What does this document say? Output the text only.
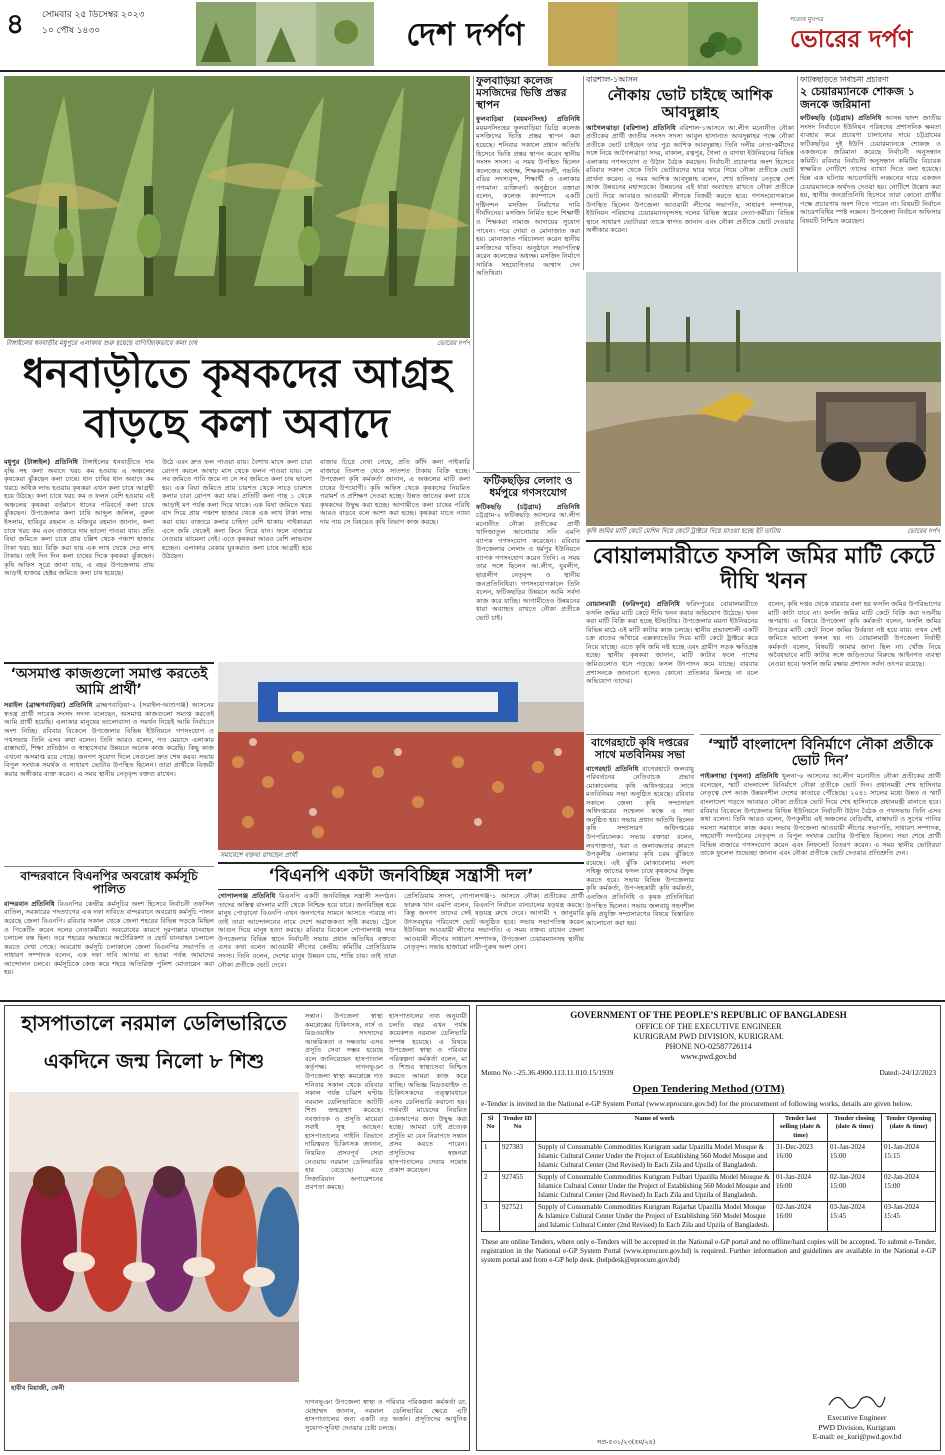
৪	সোমবার ২৫ ডিসেম্বর ২০২৩
১০ পৌষ ১৪৩০	দেশ দর্পণ	সত্যের মুখপত্র
ভোরের দর্পণ
টাঙ্গাইলের ধনবাড়ীর মধুপুরে এলাকায় শুরু হয়েছে বাণিজ্যিকভাবে কলা চাষ	ভোরের দর্পণ
ধনবাড়ীতে কৃষকদের আগ্রহ
বাড়ছে কলা অবাদে
মধুপুর (টাঙ্গাইল) প্রতিনিধি টাঙ্গাইলের ধনবাড়ীতে দাম বৃদ্ধি সহ কলা অবাদে খরচ কম হওয়ায় এ অঞ্চলের কৃষকেরা ঝুঁকছেন কলা চাষে। ধান চাষির ধান অবাদে কম খরচে অধিক লাভ হওয়ায় কৃষকরা এখন কলা চাষে আগ্রহী হয়ে উঠছে। কলা চাষে খরচ কম ও ফলন বেশি হওয়ায় এই অঞ্চলের কৃষকরা বর্তমানে ধানের পরিবর্তে কলা চাষে ঝুঁকছেন। উপজেলার কলা চাষি আব্দুল জলিল, নুরুল ইসলাম, হাবিবুর রহমান ও মজিবুর রহমান জানান, কলা চাষে খরচ কম এবং বাজারে দাম ভালো পাওয়া যায়। প্রতি বিঘা জমিতে কলা চাষে প্রায় চল্লিশ থেকে পঞ্চাশ হাজার টাকা খরচ হয়। বিক্রি করা যায় এক লাখ থেকে দেড় লাখ টাকায়। তাই দিন দিন কলা চাষের দিকে কৃষকরা ঝুঁকছেন। কৃষি অফিস সূত্রে জানা যায়, এ বছর উপজেলায় প্রায় আড়াই হাজার হেক্টর জমিতে কলা চাষ হয়েছে।
উঠে এবং দ্রুত ফল পাওয়া যায়। বৈশাখ মাসে কলা চারা রোপণ করলে আষাঢ় মাস থেকে ফলন পাওয়া যায়। সে সব জমিতে পানি জমে না সে সব জমিতে কলা চাষ ভালো হয়। এক বিঘা জমিতে প্রায় চারশত থেকে সাড়ে চারশত কলার চারা রোপণ করা যায়। প্রতিটি কলা গাছ ১ থেকে আড়াই মণ পর্যন্ত কলা দিয়ে থাকে। এক বিঘা জমিতে খরচ বাদ দিয়ে প্রায় পঞ্চাশ হাজার থেকে এক লাখ টাকা লাভ করা যায়। বাজারে কলার চাহিদা বেশি থাকায় পাইকাররা এসে জমি থেকেই কলা কিনে নিয়ে যান। ফলে বাজারে নেওয়ার ঝামেলা নেই। এতে কৃষকরা আরও বেশি লাভবান হচ্ছেন। এলাকার বেকার যুবকরাও কলা চাষে আগ্রহী হয়ে উঠছেন।
বাজার চিত্রে দেখা গেছে, প্রতি কাঁদি কলা পাইকারি বাজারে তিনশত থেকে সাতশত টাকায় বিক্রি হচ্ছে। উপজেলা কৃষি কর্মকর্তা জানান, এ অঞ্চলের মাটি কলা চাষের উপযোগী। কৃষি অফিস থেকে কৃষকদের নিয়মিত পরামর্শ ও প্রশিক্ষণ দেওয়া হচ্ছে। উন্নত জাতের কলা চাষে কৃষকদের উদ্বুদ্ধ করা হচ্ছে। আগামীতে কলা চাষের পরিধি আরও বাড়বে বলে আশা করা হচ্ছে। কৃষকরা যাতে ন্যায্য দাম পায় সে বিষয়েও কৃষি বিভাগ কাজ করছে।
ফুলবাড়িয়া কলেজ মসজিদের ভিত্তি প্রস্তর স্থাপন
ফুলবাড়িয়া (ময়মনসিংহ) প্রতিনিধি ময়মনসিংহের ফুলবাড়িয়া ডিগ্রি কলেজ মসজিদের ভিত্তি প্রস্তর স্থাপন করা হয়েছে। শনিবার সকালে প্রধান অতিথি হিসেবে ভিত্তি প্রস্তর স্থাপন করেন স্থানীয় সংসদ সদস্য। এ সময় উপস্থিত ছিলেন কলেজের অধ্যক্ষ, শিক্ষকমণ্ডলী, গভর্নিং বডির সদস্যবৃন্দ, শিক্ষার্থী ও এলাকার গণ্যমান্য ব্যক্তিবর্গ। অনুষ্ঠানে বক্তারা বলেন, কলেজ ক্যাম্পাসে একটি দৃষ্টিনন্দন মসজিদ নির্মাণের দাবি দীর্ঘদিনের। মসজিদ নির্মিত হলে শিক্ষার্থী ও শিক্ষকরা নামাজ আদায়ের সুযোগ পাবেন। পরে দোয়া ও মোনাজাত করা হয়। মোনাজাত পরিচালনা করেন স্থানীয় মসজিদের খতিব। অনুষ্ঠানে সভাপতিত্ব করেন কলেজের অধ্যক্ষ। মসজিদ নির্মাণে সার্বিক সহযোগিতার আশ্বাস দেন অতিথিরা।
ফটিকছড়ির লেলাং ও ধর্মপুরে গণসংযোগ
ফটিকছড়ি (চট্টগ্রাম) প্রতিনিধি চট্টগ্রাম-২ ফটিকছড়ি আসনের আ.লীগ মনোনীত নৌকা প্রতীকের প্রার্থী খাদিজাতুল আনোয়ার সনি এমপি ব্যাপক গণসংযোগ করেছেন। রবিবার উপজেলার লেলাং ও ধর্মপুর ইউনিয়নে ব্যাপক গণসংযোগ করেন তিনি। এ সময় তার সঙ্গে ছিলেন আ.লীগ, যুবলীগ, ছাত্রলীগ নেতৃবৃন্দ ও স্থানীয় জনপ্রতিনিধিরা। গণসংযোগকালে তিনি বলেন, ফটিকছড়ির উন্নয়নে আমি সর্বদা কাজ করে যাচ্ছি। আগামীতেও উন্নয়নের ধারা অব্যাহত রাখতে নৌকা প্রতীকে ভোট চাই।
বরিশাল-১আসন
নৌকায় ভোট চাইছে আশিক আবদুল্লাহ
আগৈলঝাড়া (বরিশাল) প্রতিনিধি বরিশাল-১আসনে আ.লীগ মনোনীত নৌকা প্রতীকের প্রার্থী জাতীয় সংসদ সদস্য আবুল হাসানাত আবদুল্লাহর পক্ষে নৌকা প্রতীকে ভোট চাইছেন তার পুত্র আশিক আবদুল্লাহ। তিনি দলীয় নেতা-কর্মীদের সঙ্গে নিয়ে আগৈলঝাড়া সদর, বাকাল, রত্নপুর, গৈলা ও বাগধা ইউনিয়নের বিভিন্ন এলাকায় গণসংযোগ ও উঠান বৈঠক করছেন। নির্বাচনী প্রচারণার অংশ হিসেবে রবিবার সকাল থেকে তিনি ভোটারদের দ্বারে দ্বারে গিয়ে নৌকা প্রতীকে ভোট প্রার্থনা করেন। এ সময় আশিক আবদুল্লাহ বলেন, শেখ হাসিনার নেতৃত্বে দেশ আজ উন্নয়নের মহাসড়কে। উন্নয়নের এই ধারা অব্যাহত রাখতে নৌকা প্রতীকে ভোট দিয়ে আবারও আওয়ামী লীগকে বিজয়ী করতে হবে। গণসংযোগকালে উপস্থিত ছিলেন উপজেলা আওয়ামী লীগের সভাপতি, সাধারণ সম্পাদক, ইউনিয়ন পরিষদের চেয়ারম্যানবৃন্দসহ দলের বিভিন্ন স্তরের নেতা-কর্মীরা। বিভিন্ন স্থানে সাধারণ ভোটাররা তাকে স্বাগত জানান এবং নৌকা প্রতীকে ভোট দেওয়ার অঙ্গীকার করেন।
ফটিকছড়িতে নির্বাচনী প্রচারণা
২ চেয়ারম্যানকে শোকজ ১ জনকে জরিমানা
ফটিকছড়ি (চট্টগ্রাম) প্রতিনিধি আসন্ন দ্বাদশ জাতীয় সংসদ নির্বাচনে ইউনিয়ন পরিষদের প্রশাসনিক ক্ষমতা ব্যবহার করে প্রচারণা চালানোর দায়ে চট্টগ্রামের ফটিকছড়ির দুই ইউপি চেয়ারম্যানকে শোকজ ও একজনকে জরিমানা করেছে নির্বাচনী অনুসন্ধান কমিটি। রবিবার নির্বাচনী অনুসন্ধান কমিটির বিচারক স্বাক্ষরিত নোটিশে তাদের ব্যাখ্যা দিতে বলা হয়েছে। ভিন্ন এক ঘটনায় আচরণবিধি লঙ্ঘনের দায়ে একজন চেয়ারম্যানকে অর্থদণ্ড দেওয়া হয়। নোটিশে উল্লেখ করা হয়, স্থানীয় জনপ্রতিনিধি হিসেবে তারা কোনো প্রার্থীর পক্ষে প্রচারণায় অংশ নিতে পারেন না। বিষয়টি নির্বাচন আচরণবিধির স্পষ্ট লঙ্ঘন। উপজেলা নির্বাচন অফিসার বিষয়টি নিশ্চিত করেছেন।
কৃষি জমির মাটি কেটে মেশিন দিয়ে কেটে ট্রাক্টরে দিয়ে যাওয়া হচ্ছে ইট ভাটায়	ভোরের দর্পণ
সমাবেশে বক্তব্য রাখছেন প্রার্থী
বোয়ালমারীতে ফসলি জমির মাটি কেটে দীঘি খনন
বোয়ালমারী (ফরিদপুর) প্রতিনিধি ফরিদপুরের বোয়ালমারীতে ফসলি জমির মাটি কেটে দীঘি খনন করার অভিযোগ উঠেছে। খনন করা মাটি বিক্রি করা হচ্ছে ইটভাটায়। উপজেলার ময়না ইউনিয়নের বিভিন্ন মাঠে এই মাটি কাটার কাজ চলছে। স্থানীয় প্রভাবশালী একটি চক্র রাতের আঁধারে এক্সক্যাভেটর দিয়ে মাটি কেটে ট্রাক্টরে করে নিয়ে যাচ্ছে। এতে কৃষি জমি নষ্ট হচ্ছে এবং গ্রামীণ সড়ক ক্ষতিগ্রস্ত হচ্ছে। স্থানীয় কৃষকরা জানান, মাটি কাটার ফলে পাশের জমিগুলোও ধসে পড়ছে। ফসল উৎপাদন কমে যাচ্ছে। বারবার প্রশাসনকে জানানো হলেও কোনো প্রতিকার মিলছে না বলে অভিযোগ তাদের।
বলেন, কৃষি দপ্তর থেকে বারবার বলা হয় ফসলি জমির উপরিভাগের মাটি কাটা যাবে না। ফসলি জমির মাটি কেটে বিক্রি করা দণ্ডনীয় অপরাধ। এ বিষয়ে উপজেলা কৃষি কর্মকর্তা বলেন, ফসলি জমির উপরের মাটি কেটে নিলে জমির উর্বরতা নষ্ট হয়ে যায়। তখন সেই জমিতে ভালো ফসল হয় না। বোয়ালমারী উপজেলা নির্বাহী কর্মকর্তা বলেন, বিষয়টি আমার জানা ছিল না। খোঁজ নিয়ে অবৈধভাবে মাটি কাটার সঙ্গে জড়িতদের বিরুদ্ধে আইনগত ব্যবস্থা নেওয়া হবে। ফসলি জমি রক্ষায় প্রশাসন সর্বদা তৎপর রয়েছে।
বাগেরহাটে কৃষি দপ্তরের সাথে মতবিনিময় সভা
বাগেরহাট প্রতিনিধি বাগেরহাটে জলবায়ু পরিবর্তনের নেতিবাচক প্রভাব মোকাবেলায় কৃষি অধিদপ্তরের সাথে মতবিনিময় সভা অনুষ্ঠিত হয়েছে। রবিবার সকালে জেলা কৃষি সম্প্রসারণ অধিদপ্তরের সম্মেলন কক্ষে এ সভা অনুষ্ঠিত হয়। সভায় প্রধান অতিথি ছিলেন কৃষি সম্প্রসারণ অধিদপ্তরের উপপরিচালক। সভায় বক্তারা বলেন, লবণাক্ততা, খরা ও জলাবদ্ধতার কারণে উপকূলীয় এলাকার কৃষি চরম ঝুঁকিতে রয়েছে। এই ঝুঁকি মোকাবেলায় লবণ সহিষ্ণু জাতের ফসল চাষে কৃষকদের উদ্বুদ্ধ করতে হবে। সভায় বিভিন্ন উপজেলার কৃষি কর্মকর্তা, উপ-সহকারী কৃষি কর্মকর্তা, এনজিও প্রতিনিধি ও কৃষক প্রতিনিধিরা উপস্থিত ছিলেন। সভায় জলবায়ু সহনশীল কৃষি প্রযুক্তি সম্প্রসারণের বিষয়ে বিস্তারিত আলোচনা করা হয়।
‘স্মার্ট বাংলাদেশ বিনির্মাণে নৌকা প্রতীকে ভোট দিন’
পাইকগাছা (খুলনা) প্রতিনিধি খুলনা-৬ আসনের আ.লীগ মনোনীত নৌকা প্রতীকের প্রার্থী বলেছেন, স্মার্ট বাংলাদেশ বিনির্মাণে নৌকা প্রতীকে ভোট দিন। প্রধানমন্ত্রী শেখ হাসিনার নেতৃত্বে দেশ আজ উন্নয়নশীল দেশের কাতারে পৌঁছেছে। ২০৪১ সালের মধ্যে উন্নত ও স্মার্ট বাংলাদেশ গড়তে আবারও নৌকা প্রতীকে ভোট দিয়ে শেখ হাসিনাকে প্রধানমন্ত্রী বানাতে হবে। রবিবার বিকেলে উপজেলার বিভিন্ন ইউনিয়নে নির্বাচনী উঠান বৈঠক ও পথসভায় তিনি এসব কথা বলেন। তিনি আরও বলেন, উপকূলীয় এই অঞ্চলের বেড়িবাঁধ, রাস্তাঘাট ও সুপেয় পানির সমস্যা সমাধানে কাজ করব। সভায় উপজেলা আওয়ামী লীগের সভাপতি, সাধারণ সম্পাদক, সহযোগী সংগঠনের নেতৃবৃন্দ ও বিপুল সংখ্যক ভোটার উপস্থিত ছিলেন। সভা শেষে প্রার্থী বিভিন্ন বাজারে গণসংযোগ করেন এবং লিফলেট বিতরণ করেন। এ সময় স্থানীয় ভোটাররা তাকে ফুলেল শুভেচ্ছা জানান এবং নৌকা প্রতীকে ভোট দেওয়ার প্রতিশ্রুতি দেন।
‘অসমাপ্ত কাজগুলো সমাপ্ত করতেই আমি প্রার্থী’
সরাইল (ব্রাহ্মণবাড়িয়া) প্রতিনিধি ব্রাহ্মণবাড়িয়া-২ (সরাইল-আশুগঞ্জ) আসনের স্বতন্ত্র প্রার্থী সাবেক সংসদ সদস্য বলেছেন, অসমাপ্ত কাজগুলো সমাপ্ত করতেই আমি প্রার্থী হয়েছি। এলাকার মানুষের ভালোবাসা ও সমর্থন নিয়েই আমি নির্বাচনে অংশ নিচ্ছি। রবিবার বিকেলে উপজেলার বিভিন্ন ইউনিয়নে গণসংযোগ ও পথসভায় তিনি এসব কথা বলেন। তিনি আরও বলেন, গত মেয়াদে এলাকার রাস্তাঘাট, শিক্ষা প্রতিষ্ঠান ও স্বাস্থ্যসেবার উন্নয়নে অনেক কাজ করেছি। কিছু কাজ এখনো অসমাপ্ত রয়ে গেছে। জনগণ সুযোগ দিলে সেগুলো দ্রুত শেষ করব। সভায় বিপুল সংখ্যক সমর্থক ও সাধারণ ভোটার উপস্থিত ছিলেন। তারা প্রার্থীকে বিজয়ী করার অঙ্গীকার ব্যক্ত করেন। এ সময় স্থানীয় নেতৃবৃন্দ বক্তব্য রাখেন।
বান্দরবানে বিএনপির অবরোধ কর্মসূচি পালিত
বান্দরবান প্রতিনিধি বিএনপির কেন্দ্রীয় কর্মসূচির অংশ হিসেবে নির্বাচনী তফসিল বাতিল, সরকারের পদত্যাগের এক দফা দাবিতে বান্দরবানে অবরোধ কর্মসূচি পালন করেছে জেলা বিএনপি। রবিবার সকাল থেকে জেলা শহরের বিভিন্ন সড়কে মিছিল ও পিকেটিং করেন দলের নেতাকর্মীরা। অবরোধের কারণে দূরপাল্লার যানবাহন চলাচল বন্ধ ছিল। তবে শহরের অভ্যন্তরে অটোরিকশা ও ছোট যানবাহন চলাচল করতে দেখা গেছে। অবরোধ কর্মসূচি চলাকালে জেলা বিএনপির সভাপতি ও সাধারণ সম্পাদক বলেন, এক দফা দাবি আদায় না হওয়া পর্যন্ত আমাদের আন্দোলন চলবে। কর্মসূচিকে কেন্দ্র করে শহরে অতিরিক্ত পুলিশ মোতায়েন করা হয়।
‘বিএনপি একটা জনবিচ্ছিন্ন সন্ত্রাসী দল’
গোপালগঞ্জ প্রতিনিধি বিএনপি একটি জনবিচ্ছিন্ন সন্ত্রাসী সংগঠন। তাদের অস্তিত্ব বাংলার মাটি থেকে নিশ্চিহ্ন হয়ে যাবে। জনবিচ্ছিন্ন হয়ে মানুষ পোড়ানো বিএনপি এখন জনগণের সামনে আসতে পারছে না। তাই তারা আন্দোলনের নামে দেশে অরাজকতা সৃষ্টি করছে। ট্রেনে আগুন দিয়ে মানুষ হত্যা করছে। রবিবার বিকেলে গোপালগঞ্জ সদর উপজেলার বিভিন্ন স্থানে নির্বাচনী সভায় প্রধান অতিথির বক্তব্যে এসব কথা বলেন আওয়ামী লীগের কেন্দ্রীয় কমিটির প্রেসিডিয়াম সদস্য। তিনি বলেন, দেশের মানুষ উন্নয়ন চায়, শান্তি চায়। তাই তারা নৌকা প্রতীকে ভোট দেবে।
প্রেসিডিয়াম সদস্য, গোপালগঞ্জ-১ আসনে নৌকা প্রতীকের প্রার্থী ফারুক খান এমপি বলেন, বিএনপি নির্বাচন বানচালের ষড়যন্ত্র করছে। কিন্তু জনগণ তাদের সেই ষড়যন্ত্র রুখে দেবে। আগামী ৭ জানুয়ারি উৎসবমুখর পরিবেশে ভোট অনুষ্ঠিত হবে। সভায় সভাপতিত্ব করেন ইউনিয়ন আওয়ামী লীগের সভাপতি। এ সময় বক্তব্য রাখেন জেলা আওয়ামী লীগের সাধারণ সম্পাদক, উপজেলা চেয়ারম্যানসহ স্থানীয় নেতৃবৃন্দ। সভায় হাজারো নারী-পুরুষ অংশ নেন।
হাসপাতালে নরমাল ডেলিভারিতে
একদিনে জন্ম নিলো ৮ শিশু
হাবীব মিয়াজী, ফেনী
সন্তান। উপজেলা স্বাস্থ্য কমপ্লেক্সের চিকিৎসক, নার্স ও মিডওয়াইফ সদস্যদের আন্তরিকতা ও দক্ষতায় এসব প্রসূতি সেবা সম্ভব হয়েছে বলে জানিয়েছেন হাসপাতাল কর্তৃপক্ষ। দাগনভূঞা উপজেলা স্বাস্থ্য কমপ্লেক্সে গত শনিবার সকাল থেকে রবিবার সকাল পর্যন্ত চব্বিশ ঘণ্টায় নরমাল ডেলিভারিতে আটটি শিশু জন্মগ্রহণ করেছে। নবজাতক ও প্রসূতি মায়েরা সবাই সুস্থ আছেন। হাসপাতালের গাইনি বিভাগে দায়িত্বরত চিকিৎসক জানান, নিয়মিত প্রসবপূর্ব সেবা নেওয়ায় নরমাল ডেলিভারির হার বেড়েছে। এতে সিজারিয়ান অপারেশনের প্রবণতা কমছে।
হাসপাতালের তথ্য অনুযায়ী চলতি বছর এখন পর্যন্ত কয়েকশত নরমাল ডেলিভারি সম্পন্ন হয়েছে। এ বিষয়ে উপজেলা স্বাস্থ্য ও পরিবার পরিকল্পনা কর্মকর্তা বলেন, মা ও শিশুর স্বাস্থ্যসেবা নিশ্চিত করতে আমরা কাজ করে যাচ্ছি। অভিজ্ঞ মিডওয়াইফ ও চিকিৎসকদের তত্ত্বাবধানে এসব ডেলিভারি করানো হয়। গর্ভবতী মায়েদের নিয়মিত চেকআপের জন্য উদ্বুদ্ধ করা হচ্ছে। আমরা চাই প্রত্যেক প্রসূতি মা যেন নিরাপদে সন্তান প্রসব করতে পারেন। প্রসূতিদের স্বজনরা হাসপাতালের সেবায় সন্তোষ প্রকাশ করেছেন।
দাগনভূঞা উপজেলা স্বাস্থ্য ও পরিবার পরিকল্পনা কর্মকর্তা ডা. মোহাম্মদ জানান, নরমাল ডেলিভারির ক্ষেত্রে এটি হাসপাতালের জন্য একটি বড় অর্জন। প্রসূতিদের আধুনিক সুযোগ-সুবিধা দেওয়ার চেষ্টা চলছে।
GOVERNMENT OF THE PEOPLE’S REPUBLIC OF BANGLADESH
OFFICE OF THE EXECUTIVE ENGINEER
KURIGRAM PWD DIVISION, KURIGRAM.
PHONE NO-02587726114
www.pwd.gov.bd
Memo No :-25.36.4900.113.11.010.15/1939	Dated:-24/12/2023
Open Tendering Method (OTM)
e-Tender is invited in the National e-GP System Portal (www.eprocure.gov.bd) for the procurement of following works, details are given below.
Sl No	Tender ID No	Name of work	Tender last selling (date & time)	Tender closing (date & time)	Tender Opening (date & time)
1	927383	Supply of Consumable Commodities Kurigram sadar Upazilla Model Mosque & Islamic Cultural Center Under the Project of Establishing 560 Model Mosque and Islamic Cultural Center (2nd Revised) In Each Zila and Upzila of Bangladesh.	31-Dec-2023 16:00	01-Jan-2024 15:00	01-Jan-2024 15:15
2	927455	Supply of Consumable Commodities Kurigram Fulbari Upazilla Model Mosque & Islamice Cultural Center Under the Project of Establishing 560 Model Mosque and Islamic Cultural Center (2nd Revised) In Each Zila and Upzila of Bangladesh.	01-Jan-2024 16:00	02-Jan-2024 15:00	02-Jan-2024 15:00
3	927521	Supply of Consumable Commodities Kurigram Rajarhat Upazilla Model Mosque & Islamice Cultural Center Under the Project of Establishing 560 Model Mosque and Islamic Cultural Center (2nd Revised) In Each Zila and Upzila of Bangladesh.	02-Jan-2024 16:00	03-Jan-2024 15:45	03-Jan-2024 15:45
These are online Tenders, where only e-Tenders will be accepted in the National e-GP portal and no offline/hard copies will be accepted. To submit e-Tender, registration in the National e-GP System Portal (www.eprocure.gov.bd) is required. Further information and guidelines are available in the National e-GP system portal and from e-GP help desk. (helpdesk@eprocure.gov.bd)
Executive Engineer
PWD Division, Kurigram
E-mail: ee_kuri@pwd.gov.bd
সপ্র-৫৩১/২৩(৫ম/২৪)
